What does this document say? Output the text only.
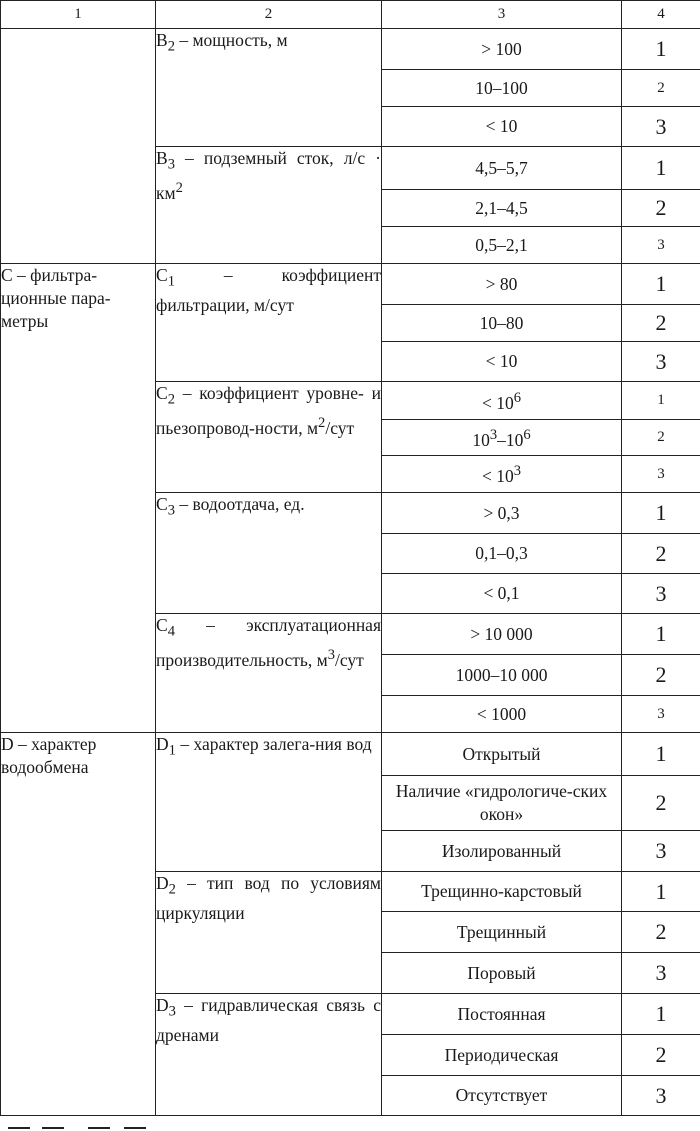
1	2	3	4
	$B_2$ – мощность, м	> 100	1
		10–100	2
		< 10	3
	$B_3$ – подземный сток, $л/с \cdot км^2$	4,5–5,7	1
		2,1–4,5	2
		0,5–2,1	3
C – фильтра-ционные пара-метры	$C_1$ – коэффициент фильтрации, м/сут	> 80	1
		10–80	2
		< 10	3
	$C_2$ – коэффициент уровне- и пьезопровод-ности, $м^2$/сут	< $10^6$	1
		$10^3-10^6$	2
		< $10^3$	3
	$C_3$ – водоотдача, ед.	> 0,3	1
		0,1–0,3	2
		< 0,1	3
	$C_4$ – эксплуатационная производительность, $м^3$/сут	> 10 000	1
		1000–10 000	2
		< 1000	3
D – характер водообмена	$D_1$ – характер залега-ния вод	Открытый	1
		Наличие «гидрологиче-ских окон»	2
		Изолированный	3
	$D_2$ – тип вод по условиям циркуляции	Трещинно-карстовый	1
		Трещинный	2
		Поровый	3
	$D_3$ – гидравлическая связь с дренами	Постоянная	1
		Периодическая	2
		Отсутствует	3
